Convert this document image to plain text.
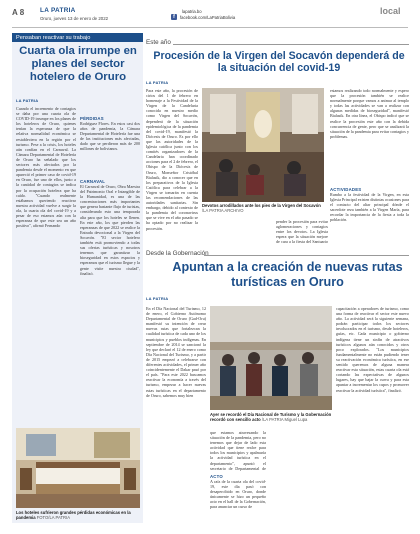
A 8 LA PATRIA
Oruro, jueves 13 de enero de 2022
lapatria.bo
f	facebook.com/LaPatriaBolivia
local
Pensaban reactivar su trabajo
Cuarta ola irrumpe en planes del sector hotelero de Oruro
LA PATRIA
Cuando el incremento de contagios se daba por una cuarta ola de COVID-19 irrumpe en los planes de los hoteleros de Oruro, quienes tenían la esperanza de que la relativa normalidad económica se restableciera en la región por el turismo. Pese a la crisis, los hoteles aún confían en el Carnaval. La Cámara Departamental de Hotelería de Oruro ha señalado que los sectores más afectados por la pandemia desde el momento en que apareció el primer caso de covid-19 en Oruro, fue uno de ellos, junto a la cantidad de contagios se indica por la ocupación hotelera que ha caído. "Cuando realmente estábamos queriendo reactivar nuestra actividad vuelve a surgir la ola, la cuarta ola del covid-19 y a pesar de eso estamos aún con la esperanza de que este sea un año positivo", afirmó Fernando
PÉRDIDAS
Rodríguez Flores. En estos casi dos años de pandemia, la Cámara Departamental de Hotelería fue una de las instituciones más afectadas, dado que se perdieron más de 200 millones de bolivianos.
CARNAVAL
El Carnaval de Oruro, Obra Maestra del Patrimonio Oral e Intangible de la Humanidad, es una de las concentraciones más importantes que genera bastante flujo de turistas, considerando esto una temporada alta para que los hoteles se llenen. En este año, los que pierden las esperanzas de que 2022 se realice la Entrada devocional a la Virgen del Socavón. "El sector hotelero también está promoviendo a todas sus ofertas turísticas y nosotros tenemos que garantizar la bioseguridad en estos espacios y esperamos que el turismo llegue y la gente visite nuestra ciudad", finalizó.
Los hoteles sufrieron grandes pérdidas económicas en la pandemia FOTO/LA PATRIA
Este año
Procesión de la Virgen del Socavón dependerá de la situación del covid-19
LA PATRIA
Para este año, la procesión de cirios del 1 de febrero en homenaje a la Festividad de la Virgen de la Candelaria conocida en nuestro medio como Virgen del Socavón, dependerá de la situación epidemiológica de la pandemia del covid-19, manifestó la Diócesis de Oruro. Es por ello que las autoridades de la Iglesia católica junto con los comités organizadores de la Candelaria han coordinado acciones para el 2 de febrero, el Obispo de la Diócesis de Oruro, Monseñor Cristóbal Bialasik, dio a conocer que en los preparativos de la Iglesia Católica para celebrar a la Virgen se tomarán en cuenta las recomendaciones de las autoridades sanitarias. Sin embargo, debido al contexto de la pandemia del coronavirus que se vive en el año pasado se ha optado por no realizar la procesión.
Devotos arrodillados ante los pies de la Virgen del Socavón /LA PATRIA ARCHIVO
pender la procesión para evitar aglomeraciones y contagios entre los devotos. La Iglesia espera que la situación mejore de cara a la fiesta del Santuario
estamos realizando todo normalmente y espero que la procesión también se realice normalmente porque vamos a animar al templo y todas las actividades se van a realizar con algunas medidas de bioseguridad", manifestó Bialasik. En otra línea, el Obispo indicó que se realice la procesión este año con la debida concurrencia de gente, pero que se analizará la situación de la pandemia para evitar contagios y problemas.
ACTIVIDADES
Rumbo a la festividad de la Virgen, en esta Iglesia Principal existen distintas ocasiones para el contacto del altar principal dónde el sacerdote reza también a la Virgen María, para recordar la importancia de la fiesta a toda la población.
Desde la Gobernación
Apuntan a la creación de nuevas rutas turísticas en Oruro
LA PATRIA
En el Día Nacional del Turismo, 12 de enero, el Gobierno Autónomo Departamental de Oruro (Gad-Oru) manifestó su intención de crear nuevas rutas que fortalezcan la cualidad turística de cada uno de los municipios y pueblos indígenas. En septiembre de 2014 se sancionó la ley que declaró el 12 de enero como Día Nacional del Turismo, y a partir de 2015 empezó a celebrarse con diferentes actividades, el primer año coincidentemente el Dakar pasó por el país. "Para este 2022 buscamos reactivar la economía a través del turismo, empezar a hacer nuevas rutas turísticas en el departamento de Oruro, sabemos muy bien
Ayer se recordó el Día Nacional de Turismo y la Gobernación recordó con sencillo acto /LA PATRIA Miguel Lupa
que estamos atravesando la situación de la pandemia, pero no tenemos que dejar de lado esta actividad que tiene realce para todos los municipios y apalmaría la actividad turística en el departamento", apuntó el secretario de Departamental de
ACTO
A raíz de la cuarta ola del covid-19, este día pasó con desapercibido en Oruro, donde únicamente se hizo un pequeño acto en el hall de la Gobernación, para anunciar un curso de
capacitación a operadores de turismo, como una forma de reactivar el sector este nuevo año. La actividad será la siguiente semana, podrán participar todos los sectores involucrados en el turismo, desde hoteleros, guías, etc. Cada municipio o gobierno indígena tiene un sinfín de atractivos turísticos algunos aún conocidos y otros poco explorados. "Los municipios fundamentalmente no están pudiendo tener su reactivación económica turística, en ese sentido queremos de alguna manera reactivar esta situación, estas cuarta ola está cortando las expectativas de algunos lugares, hay que bajar la curva y para esta apuntar a incrementar los cupos y promover reactivar la actividad turística", finalizó.
